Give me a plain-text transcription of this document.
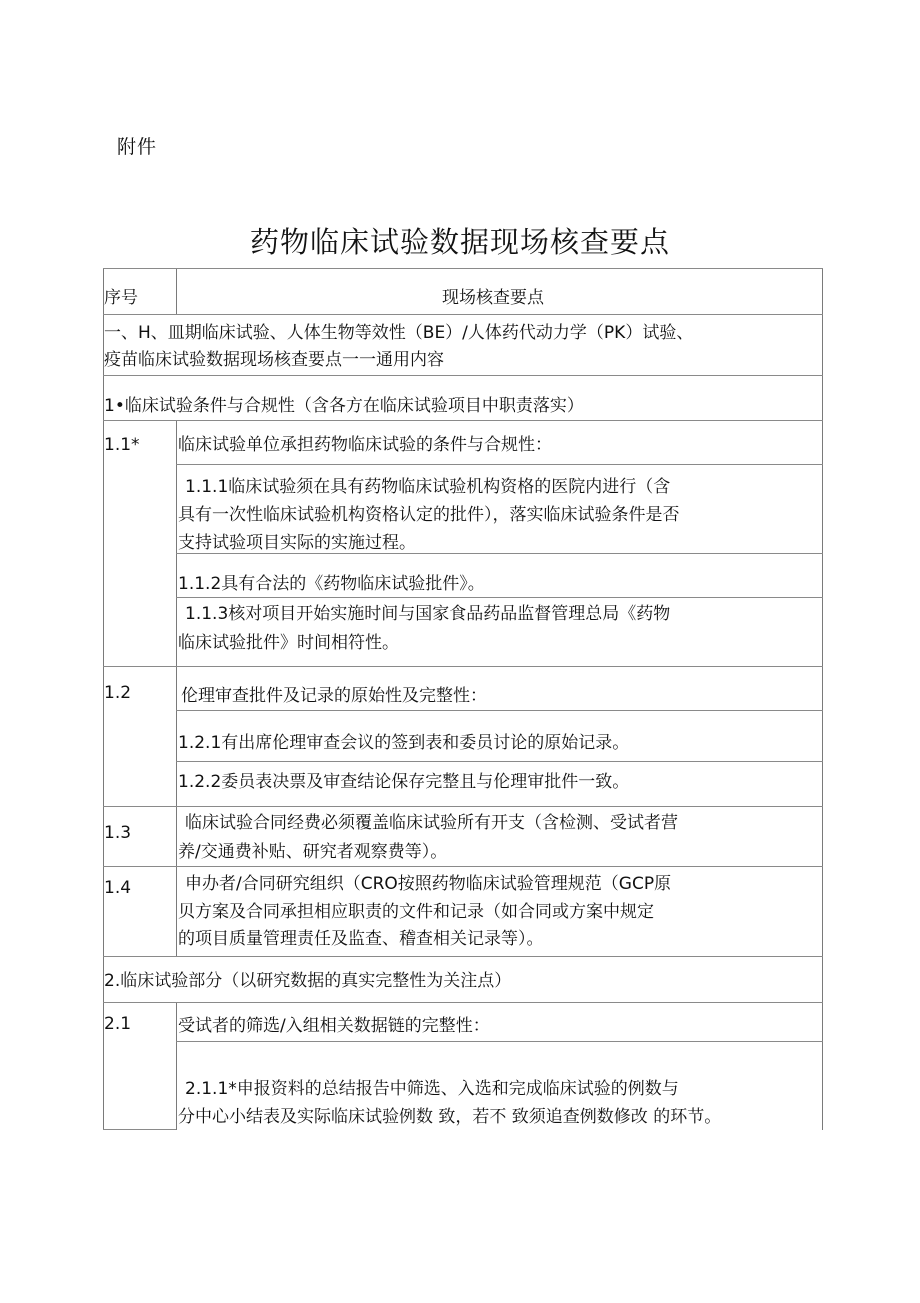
附件
药物临床试验数据现场核查要点
序号	现场核查要点
一、H、皿期临床试验、人体生物等效性（BE）/人体药代动力学（PK）试验、
疫苗临床试验数据现场核查要点一一通用内容
1•临床试验条件与合规性（含各方在临床试验项目中职责落实）
1.1* 临床试验单位承担药物临床试验的条件与合规性：
1.1.1临床试验须在具有药物临床试验机构资格的医院内进行（含
具有一次性临床试验机构资格认定的批件），落实临床试验条件是否
支持试验项目实际的实施过程。
1.1.2具有合法的《药物临床试验批件》。
1.1.3核对项目开始实施时间与国家食品药品监督管理总局《药物
临床试验批件》时间相符性。
1.2	伦理审查批件及记录的原始性及完整性：
1.2.1有出席伦理审查会议的签到表和委员讨论的原始记录。
1.2.2委员表决票及审查结论保存完整且与伦理审批件一致。
1.3	临床试验合同经费必须覆盖临床试验所有开支（含检测、受试者营
养/交通费补贴、研究者观察费等）。
1.4	申办者/合同研究组织（CRO按照药物临床试验管理规范（GCP原
贝方案及合同承担相应职责的文件和记录（如合同或方案中规定
的项目质量管理责任及监查、稽查相关记录等）。
2.临床试验部分（以研究数据的真实完整性为关注点）
2.1	受试者的筛选/入组相关数据链的完整性：
2.1.1*申报资料的总结报告中筛选、入选和完成临床试验的例数与
分中心小结表及实际临床试验例数 致，若不 致须追查例数修改 的环节。
